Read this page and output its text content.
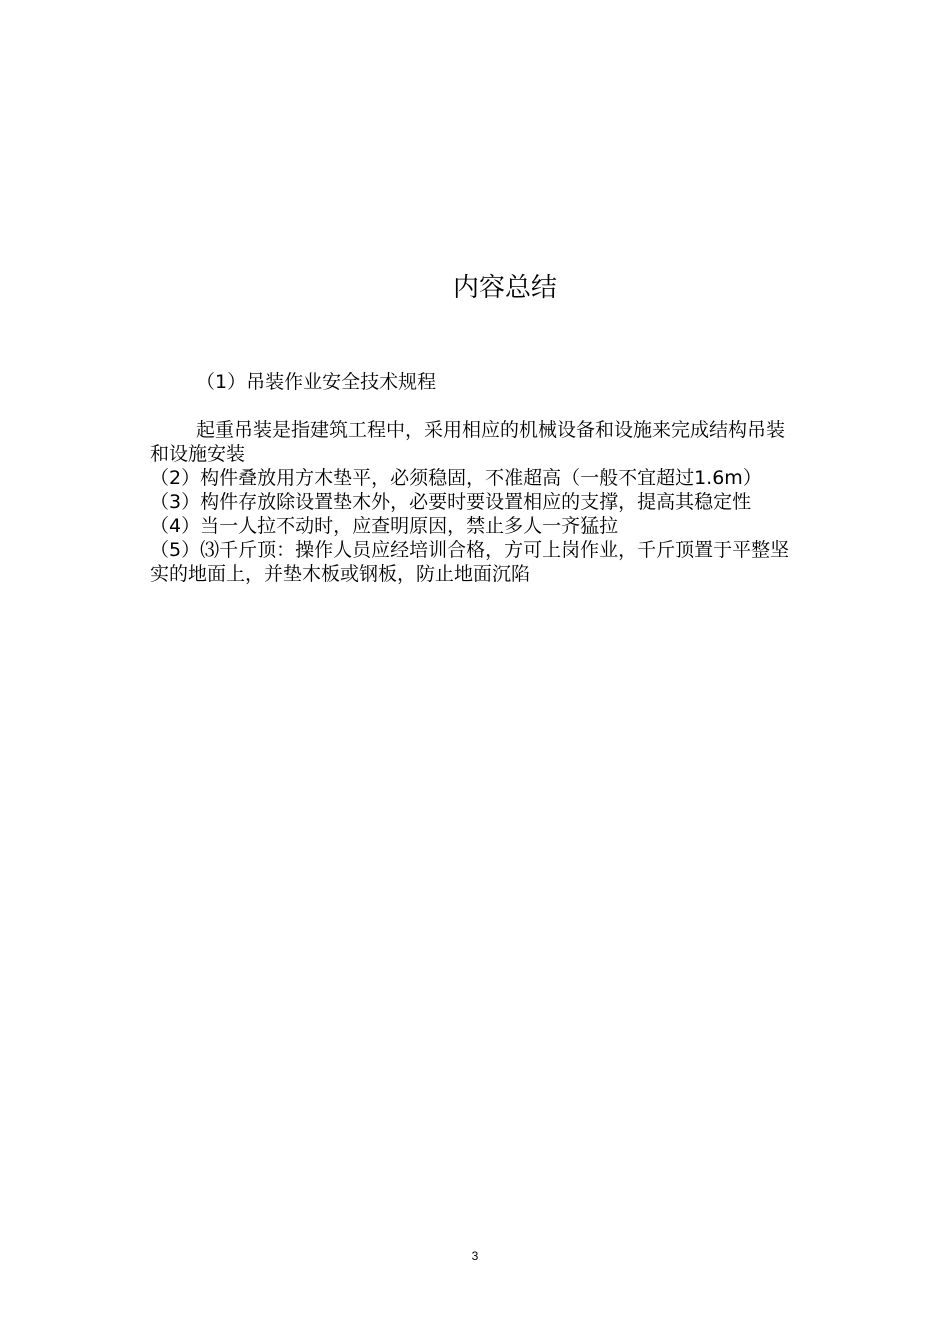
内容总结

（1）吊装作业安全技术规程

起重吊装是指建筑工程中，采用相应的机械设备和设施来完成结构吊装和设施安装

（2）构件叠放用方木垫平，必须稳固，不准超高（一般不宜超过1.6m）
（3）构件存放除设置垫木外，必要时要设置相应的支撑，提高其稳定性
（4）当一人拉不动时，应查明原因，禁止多人一齐猛拉
（5）⑶千斤顶：操作人员应经培训合格，方可上岗作业，千斤顶置于平整坚实的地面上，并垫木板或钢板，防止地面沉陷
3
